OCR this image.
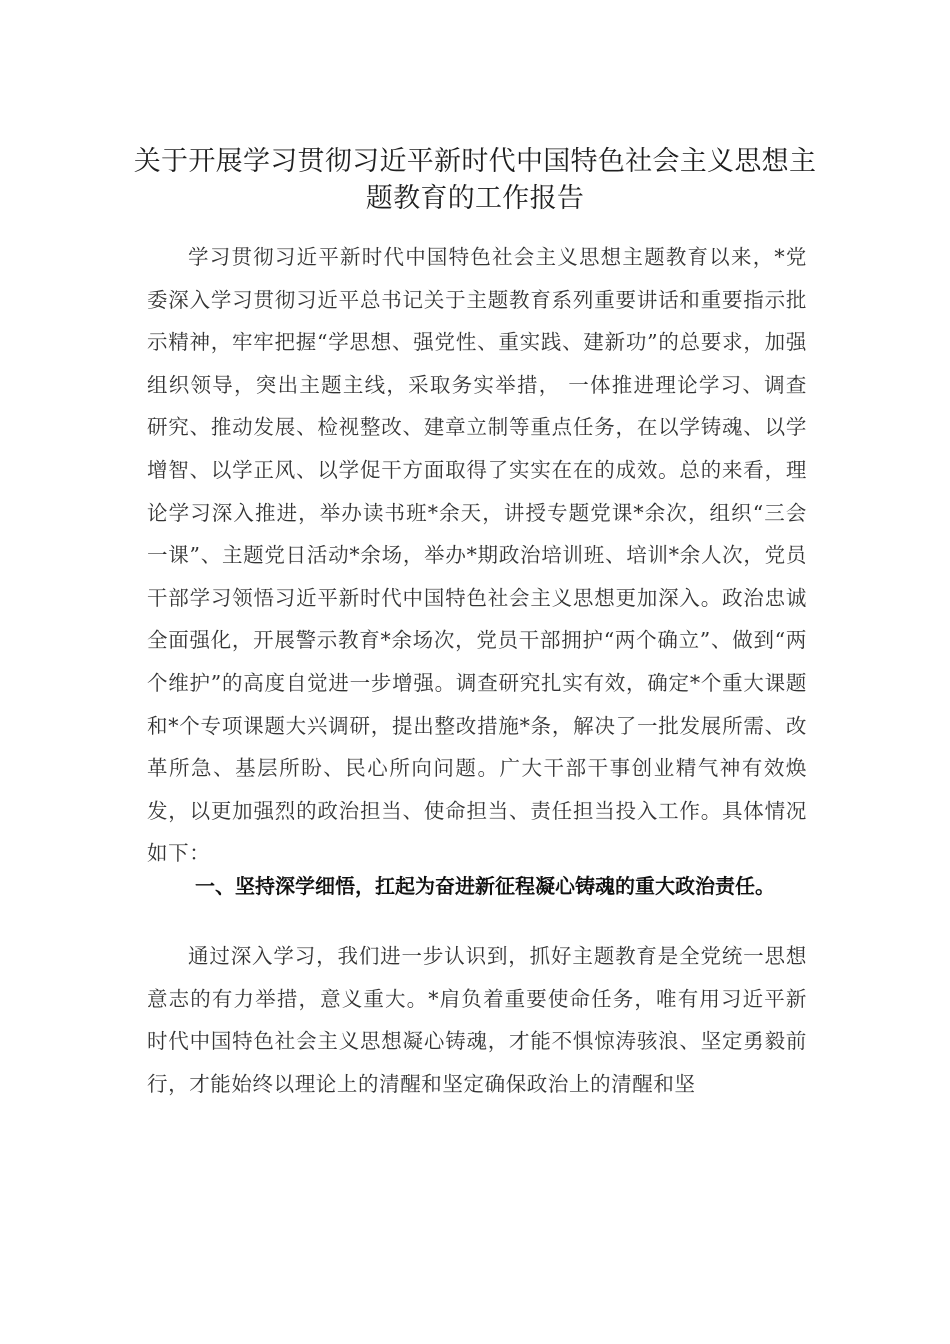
关于开展学习贯彻习近平新时代中国特色社会主义思想主题教育的工作报告

学习贯彻习近平新时代中国特色社会主义思想主题教育以来，*党委深入学习贯彻习近平总书记关于主题教育系列重要讲话和重要指示批示精神，牢牢把握“学思想、强党性、重实践、建新功”的总要求，加强组织领导，突出主题主线，采取务实举措， 一体推进理论学习、调查研究、推动发展、检视整改、建章立制等重点任务，在以学铸魂、以学增智、以学正风、以学促干方面取得了实实在在的成效。总的来看，理论学习深入推进，举办读书班*余天，讲授专题党课*余次，组织“三会一课”、主题党日活动*余场，举办*期政治培训班、培训*余人次，党员干部学习领悟习近平新时代中国特色社会主义思想更加深入。政治忠诚全面强化，开展警示教育*余场次，党员干部拥护“两个确立”、做到“两个维护”的高度自觉进一步增强。调查研究扎实有效，确定*个重大课题和*个专项课题大兴调研，提出整改措施*条，解决了一批发展所需、改革所急、基层所盼、民心所向问题。广大干部干事创业精气神有效焕发，以更加强烈的政治担当、使命担当、责任担当投入工作。具体情况如下：

一、坚持深学细悟，扛起为奋进新征程凝心铸魂的重大政治责任。

通过深入学习，我们进一步认识到，抓好主题教育是全党统一思想意志的有力举措，意义重大。*肩负着重要使命任务，唯有用习近平新时代中国特色社会主义思想凝心铸魂，才能不惧惊涛骇浪、坚定勇毅前行，才能始终以理论上的清醒和坚定确保政治上的清醒和坚
